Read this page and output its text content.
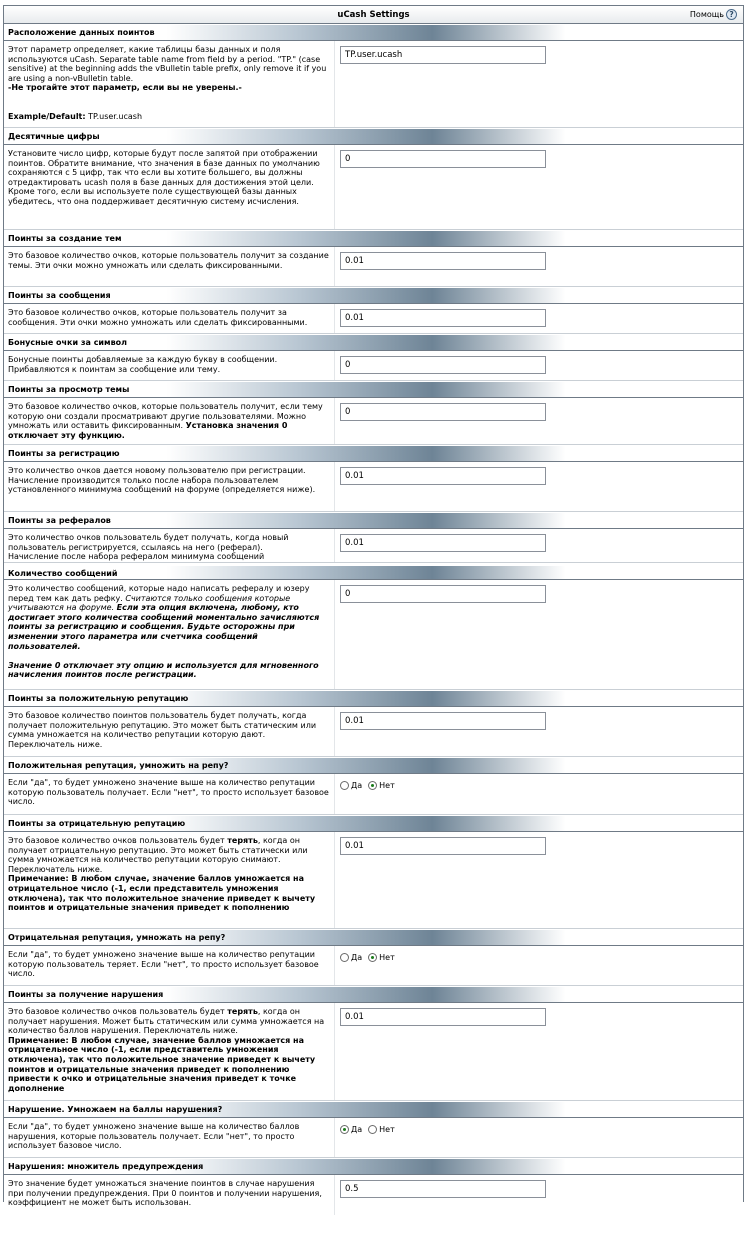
uCash Settings	Помощь ?
Расположение данных поинтов
Этот параметр определяет, какие таблицы базы данных и поля используются uCash. Separate table name from field by a period. "TP." (case sensitive) at the beginning adds the vBulletin table prefix, only remove it if you are using a non-vBulletin table.
-Не трогайте этот параметр, если вы не уверены.-

Example/Default: TP.user.ucash
TP.user.ucash
Десятичные цифры
Установите число цифр, которые будут после запятой при отображении поинтов. Обратите внимание, что значения в базе данных по умолчанию сохраняются с 5 цифр, так что если вы хотите большего, вы должны отредактировать ucash поля в базе данных для достижения этой цели. Кроме того, если вы используете поле существующей базы данных убедитесь, что она поддерживает десятичную систему исчисления.
0
Поинты за создание тем
Это базовое количество очков, которые пользователь получит за создание темы. Эти очки можно умножать или сделать фиксированными.
0.01
Поинты за сообщения
Это базовое количество очков, которые пользователь получит за сообщения. Эти очки можно умножать или сделать фиксированными.
0.01
Бонусные очки за символ
Бонусные поинты добавляемые за каждую букву в сообщении. Прибавляются к поинтам за сообщение или тему.
0
Поинты за просмотр темы
Это базовое количество очков, которые пользователь получит, если тему которую они создали просматривают другие пользователями. Можно умножать или оставить фиксированным. Установка значения 0 отключает эту функцию.
0
Поинты за регистрацию
Это количество очков дается новому пользователю при регистрации. Начисление производится только после набора пользователем установленного минимума сообщений на форуме (определяется ниже).
0.01
Поинты за рефералов
Это количество очков пользователь будет получать, когда новый пользователь регистрируется, ссылаясь на него (реферал).
Начисление после набора рефералом минимума сообщений
0.01
Количество сообщений
Это количество сообщений, которые надо написать рефералу и юзеру перед тем как дать рефку. Считаются только сообщения которые учитываются на форуме. Если эта опция включена, любому, кто достигает этого количества сообщений моментально зачисляются поинты за регистрацию и сообщения. Будьте осторожны при изменении этого параметра или счетчика сообщений пользователей.

Значение 0 отключает эту опцию и используется для мгновенного начисления поинтов после регистрации.
0
Поинты за положительную репутацию
Это базовое количество поинтов пользователь будет получать, когда получает положительную репутацию. Это может быть статическим или сумма умножается на количество репутации которую дают. Переключатель ниже.
0.01
Положительная репутация, умножить на репу?
Если "да", то будет умножено значение выше на количество репутации которую пользователь получает. Если "нет", то просто использует базовое число.
Да Нет
Поинты за отрицательную репутацию
Это базовое количество очков пользователь будет терять, когда он получает отрицательную репутацию. Это может быть статически или сумма умножается на количество репутации которую снимают. Переключатель ниже.
Примечание: В любом случае, значение баллов умножается на отрицательное число (-1, если представитель умножения отключена), так что положительное значение приведет к вычету поинтов и отрицательные значения приведет к пополнению
0.01
Отрицательная репутация, умножать на репу?
Если "да", то будет умножено значение выше на количество репутации которую пользователь теряет. Если "нет", то просто использует базовое число.
Да Нет
Поинты за получение нарушения
Это базовое количество очков пользователь будет терять, когда он получает нарушения. Может быть статическим или сумма умножается на количество баллов нарушения. Переключатель ниже.
Примечание: В любом случае, значение баллов умножается на отрицательное число (-1, если представитель умножения отключена), так что положительное значение приведет к вычету поинтов и отрицательные значения приведет к пополнению привести к очко и отрицательные значения приведет к точке дополнение
0.01
Нарушение. Умножаем на баллы нарушения?
Если "да", то будет умножено значение выше на количество баллов нарушения, которые пользователь получает. Если "нет", то просто использует базовое число.
Да Нет
Нарушения: множитель предупреждения
Это значение будет умножаться значение поинтов в случае нарушения при получении предупреждения. При 0 поинтов и получении нарушения, коэффициент не может быть использован.
0.5
